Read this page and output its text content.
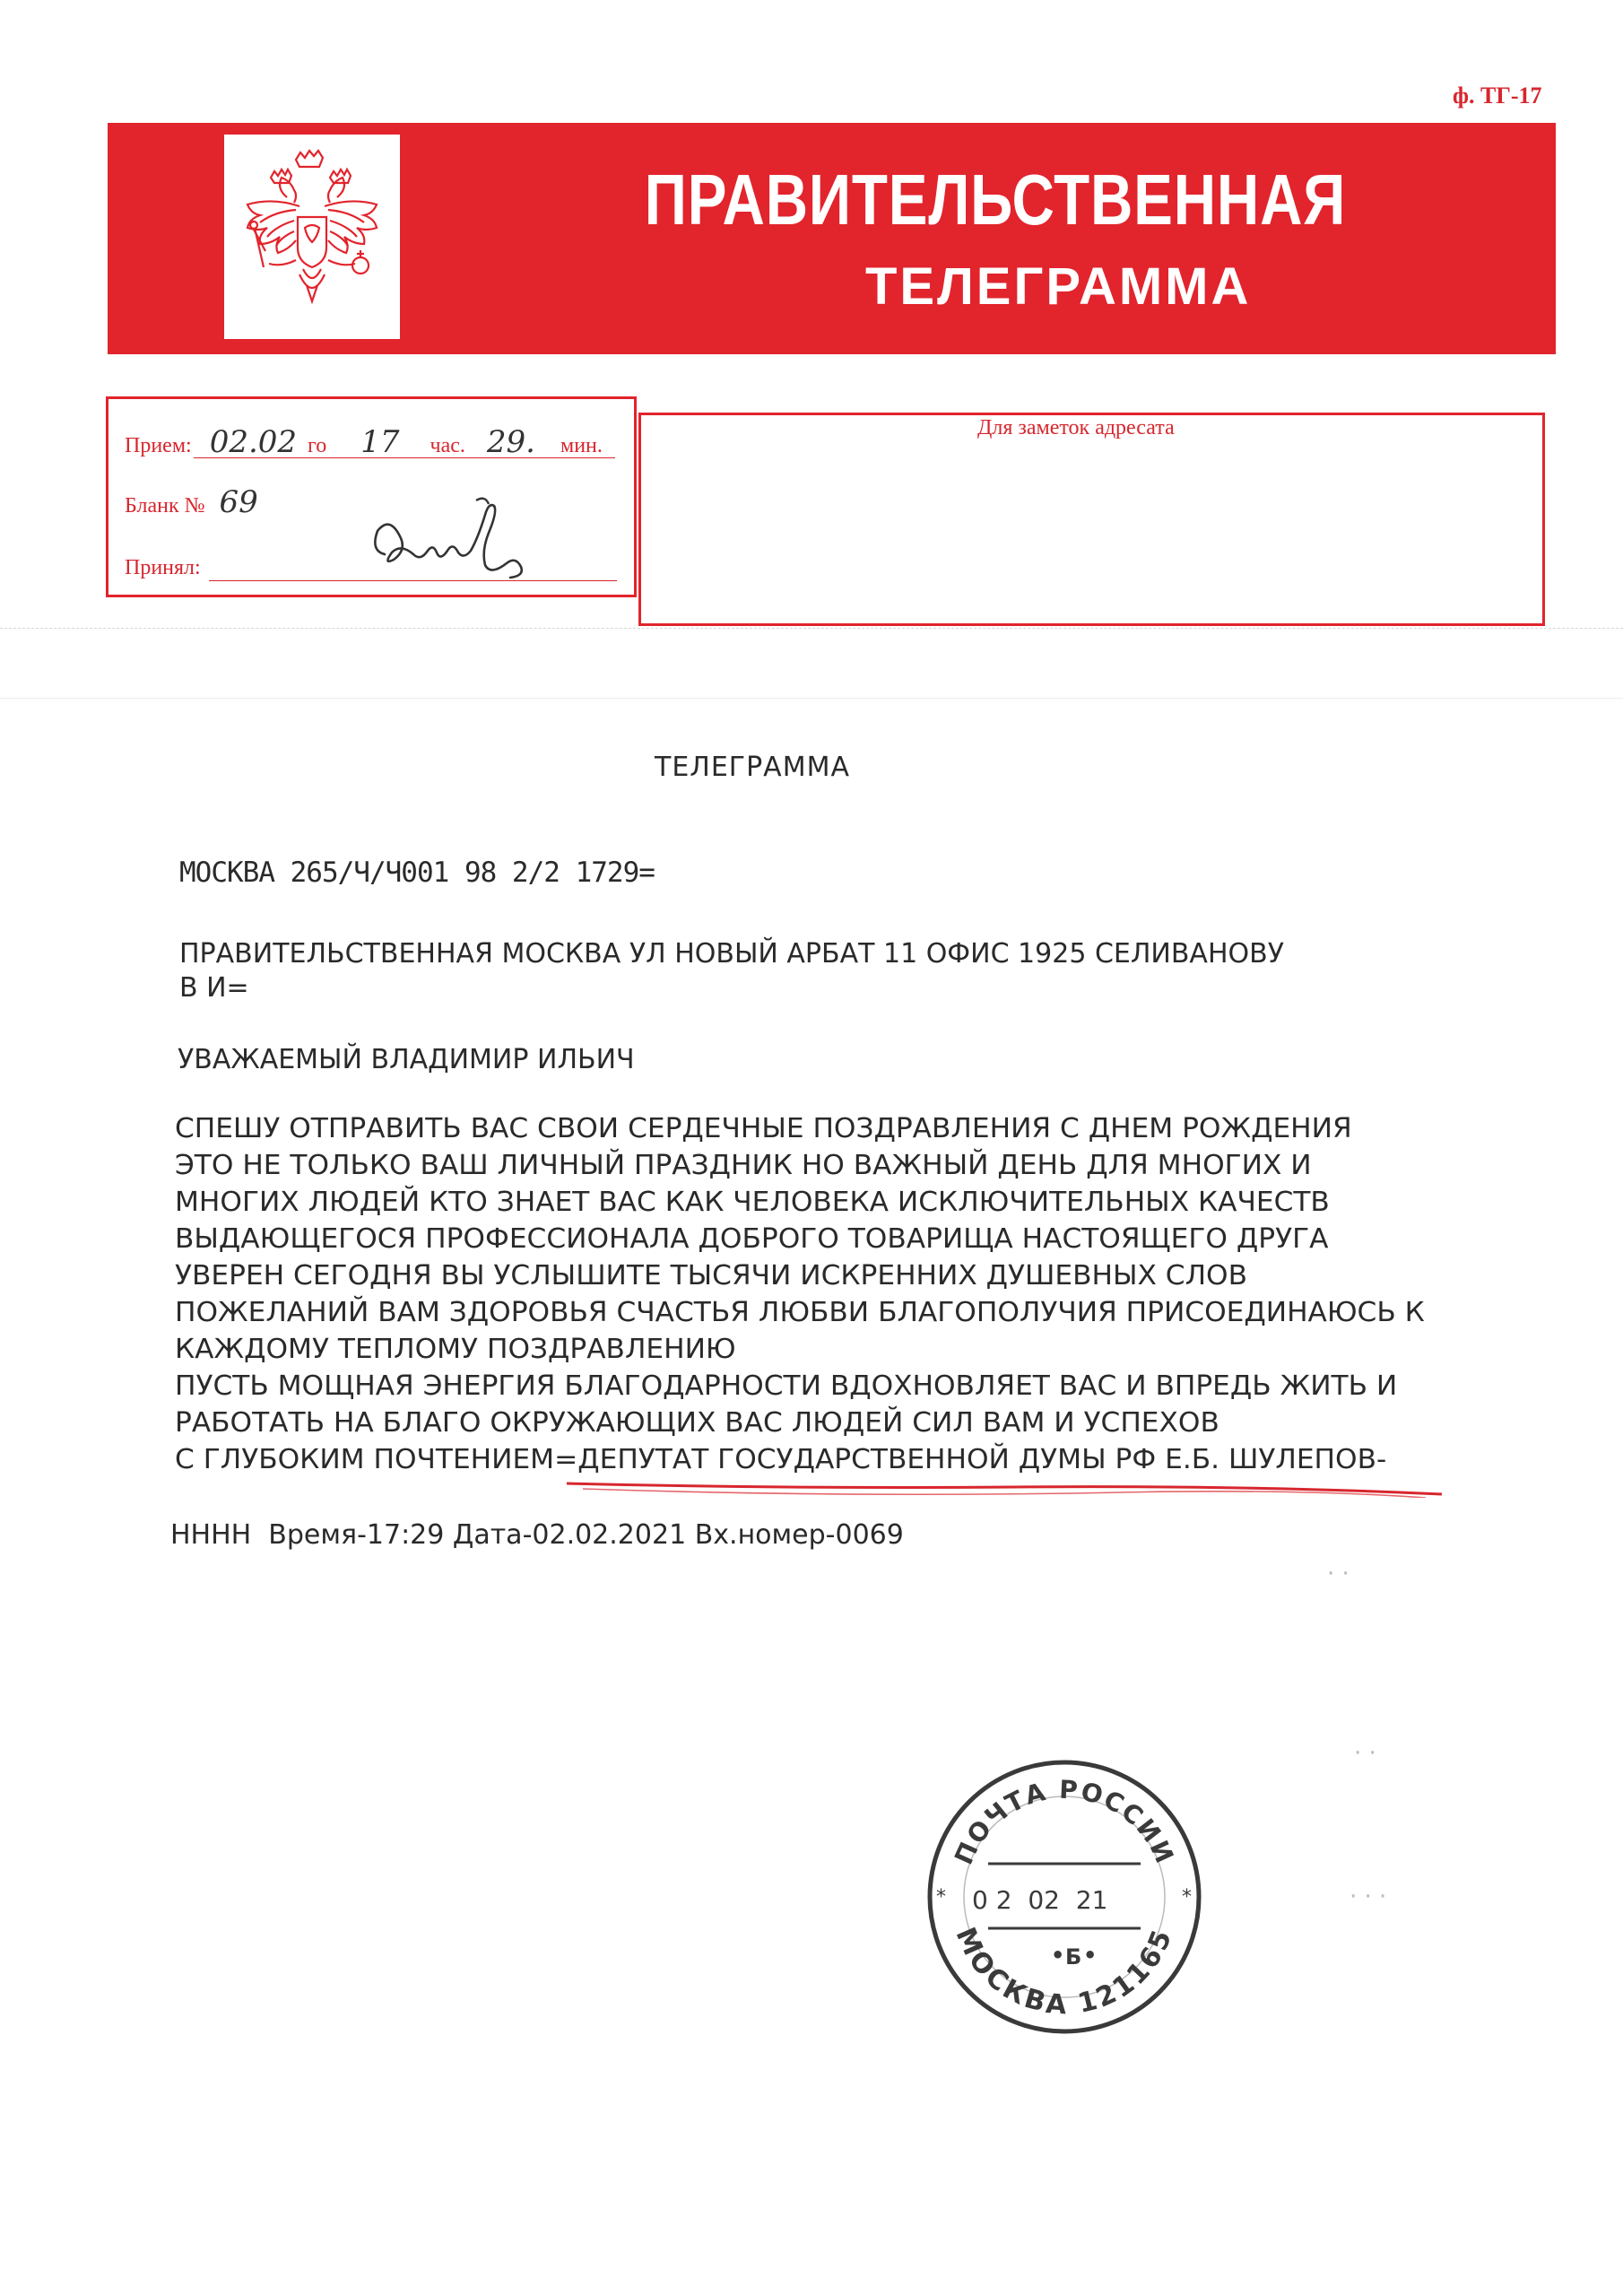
ф. ТГ-17
ПРАВИТЕЛЬСТВЕННАЯ
ТЕЛЕГРАММА
Прием: 02.02 го 17 час. 29. мин.
Бланк № 69
Принял:
Для заметок адресата
ТЕЛЕГРАММА
МОСКВА 265/Ч/Ч001 98 2/2 1729=
ПРАВИТЕЛЬСТВЕННАЯ МОСКВА УЛ НОВЫЙ АРБАТ 11 ОФИС 1925 СЕЛИВАНОВУ
В И=
УВАЖАЕМЫЙ ВЛАДИМИР ИЛЬИЧ
СПЕШУ ОТПРАВИТЬ ВАС СВОИ СЕРДЕЧНЫЕ ПОЗДРАВЛЕНИЯ С ДНЕМ РОЖДЕНИЯ
ЭТО НЕ ТОЛЬКО ВАШ ЛИЧНЫЙ ПРАЗДНИК НО ВАЖНЫЙ ДЕНЬ ДЛЯ МНОГИХ И
МНОГИХ ЛЮДЕЙ КТО ЗНАЕТ ВАС КАК ЧЕЛОВЕКА ИСКЛЮЧИТЕЛЬНЫХ КАЧЕСТВ
ВЫДАЮЩЕГОСЯ ПРОФЕССИОНАЛА ДОБРОГО ТОВАРИЩА НАСТОЯЩЕГО ДРУГА
УВЕРЕН СЕГОДНЯ ВЫ УСЛЫШИТЕ ТЫСЯЧИ ИСКРЕННИХ ДУШЕВНЫХ СЛОВ
ПОЖЕЛАНИЙ ВАМ ЗДОРОВЬЯ СЧАСТЬЯ ЛЮБВИ БЛАГОПОЛУЧИЯ ПРИСОЕДИНАЮСЬ К
КАЖДОМУ ТЕПЛОМУ ПОЗДРАВЛЕНИЮ
ПУСТЬ МОЩНАЯ ЭНЕРГИЯ БЛАГОДАРНОСТИ ВДОХНОВЛЯЕТ ВАС И ВПРЕДЬ ЖИТЬ И
РАБОТАТЬ НА БЛАГО ОКРУЖАЮЩИХ ВАС ЛЮДЕЙ СИЛ ВАМ И УСПЕХОВ
С ГЛУБОКИМ ПОЧТЕНИЕМ=ДЕПУТАТ ГОСУДАРСТВЕННОЙ ДУМЫ РФ Е.Б. ШУЛЕПОВ-
НННН  Время-17:29 Дата-02.02.2021 Вх.номер-0069
· ·
· ·
· · ·
ПОЧТА РОССИИ
МОСКВА 121165
*	*
0 2  02  21
• Б •
